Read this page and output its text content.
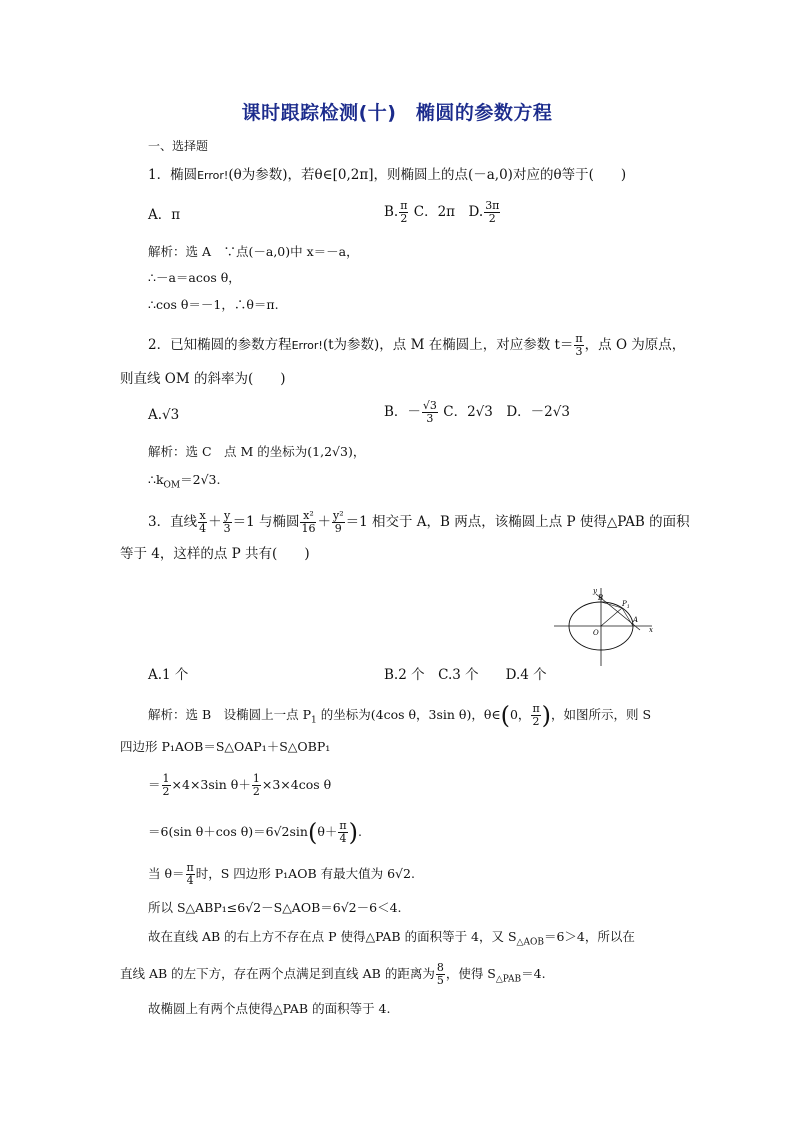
课时跟踪检测(十)　椭圆的参数方程
一、选择题
1．椭圆Error!(θ为参数)，若θ∈[0,2π]，则椭圆上的点(－a,0)对应的θ等于(　　)
A．π	B. $\frac{\pi}{2}$ C．2π　 D. $\frac{3\pi}{2}$
解析：选 A　∵点(－a,0)中 x＝－a，
∴－a＝acos θ，
∴cos θ＝－1，∴θ＝π.
2．已知椭圆的参数方程Error!(t为参数)，点 M 在椭圆上，对应参数 $t= \frac{\pi}{3}$ ，点 O 为原点，
则直线 OM 的斜率为(　　)
A.√3	B．－ $\frac{√3}{3}$ C．2√3　D．－2√3
解析：选 C　点 M 的坐标为(1,2√3)，
$\therefore k_{OM}=2√3$.
3．直线 $\frac{x}{4} + \frac{y}{3} =1$ 与椭圆 $\frac{\text{x²}}{16} + \frac{\text{y²}}{9} =1$ 相交于 A，B 两点，该椭圆上点 P 使得△PAB 的面积
等于 4，这样的点 P 共有(　　)
y
B
$P_1$
A
O	x
A.1 个	B.2 个　C.3 个　　D.4 个
解析：选 B　设椭圆上一点 $P_1$ 的坐标为(4cos θ，3sin θ)，θ∈(0， $\frac{\pi}{2}$ )，如图所示，则 S
四边形 P₁AOB＝S△OAP₁＋S△OBP₁
＝ $\frac{1}{2} \times 4\times 3\sin$ $\theta+ \frac{1}{2} \times 3\times 4\cos$ θ
＝6(sin θ＋cos $\theta)=6√2\sin(\theta+ \frac{\pi}{4}$ ).
当 $\theta= \frac{\pi}{4}$ 时，S 四边形 P₁AOB 有最大值为 6√2.
所以 S△ABP₁≤6√2－S△AOB＝6√2－6＜4.
故在直线 AB 的右上方不存在点 P 使得△PAB 的面积等于 4，又 $S_{\triangle AOB}=6>4$，所以在
直线 AB 的左下方，存在两个点满足到直线 AB 的距离为 $\frac{8}{5}$ ，使得 $S_{\triangle PAB}=4$.
故椭圆上有两个点使得△PAB 的面积等于 4.
